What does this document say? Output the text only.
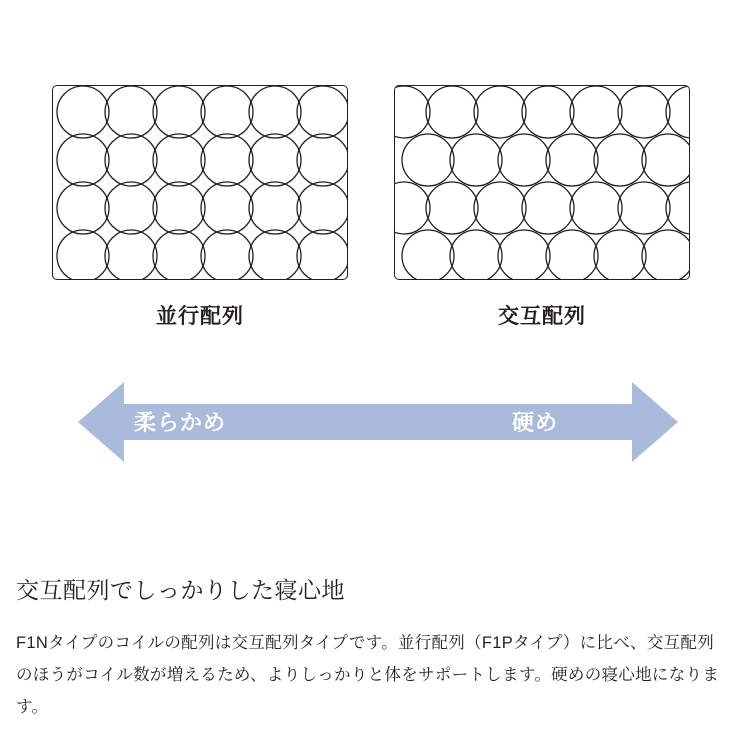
並行配列	交互配列
柔らかめ	硬め
交互配列でしっかりした寝心地

F1Nタイプのコイルの配列は交互配列タイプです。並行配列（F1Pタイプ）に比べ、交互配列のほうがコイル数が増えるため、よりしっかりと体をサポートします。硬めの寝心地になります。
